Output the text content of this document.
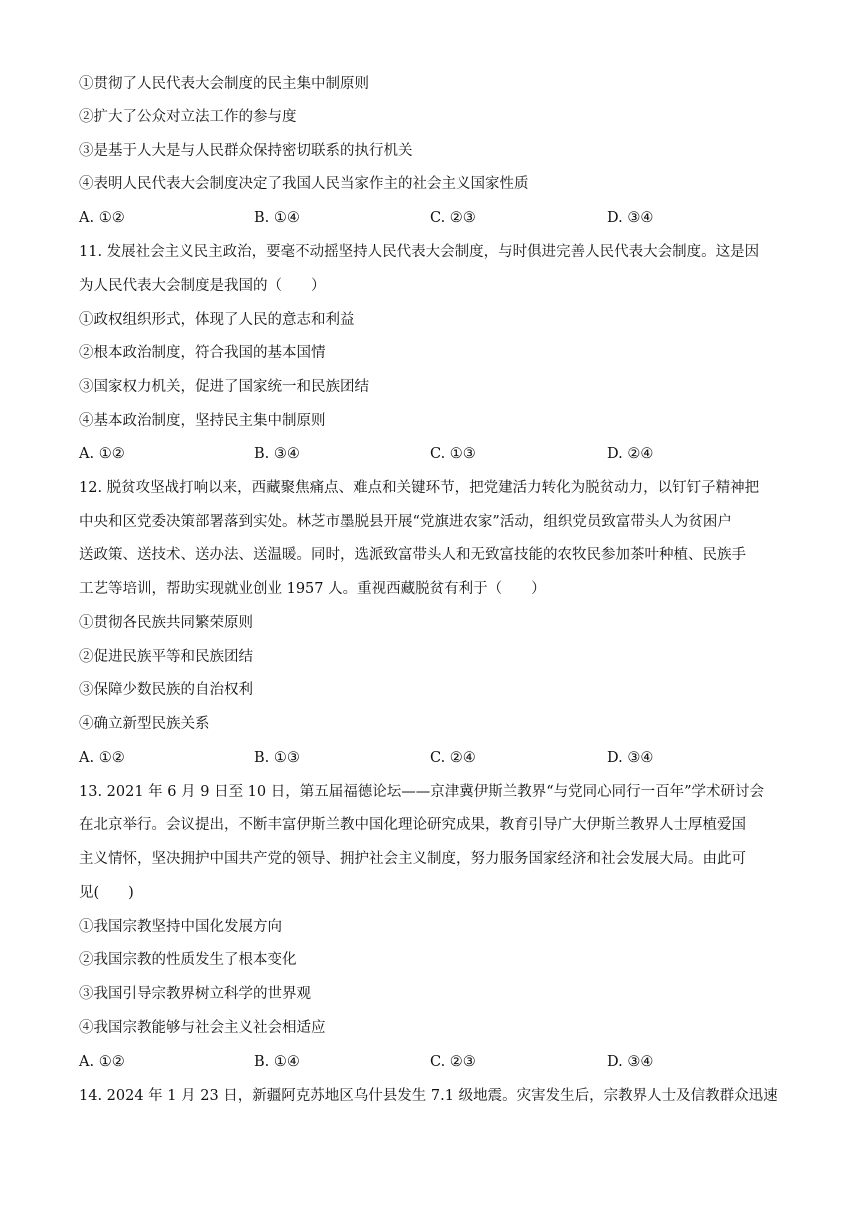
①贯彻了人民代表大会制度的民主集中制原则
②扩大了公众对立法工作的参与度
③是基于人大是与人民群众保持密切联系的执行机关
④表明人民代表大会制度决定了我国人民当家作主的社会主义国家性质
A. ①②	B. ①④	C. ②③	D. ③④
11. 发展社会主义民主政治，要毫不动摇坚持人民代表大会制度，与时俱进完善人民代表大会制度。这是因
为人民代表大会制度是我国的（　　）
①政权组织形式，体现了人民的意志和利益
②根本政治制度，符合我国的基本国情
③国家权力机关，促进了国家统一和民族团结
④基本政治制度，坚持民主集中制原则
A. ①②	B. ③④	C. ①③	D. ②④
12. 脱贫攻坚战打响以来，西藏聚焦痛点、难点和关键环节，把党建活力转化为脱贫动力，以钉钉子精神把
中央和区党委决策部署落到实处。林芝市墨脱县开展“党旗进农家”活动，组织党员致富带头人为贫困户
送政策、送技术、送办法、送温暖。同时，选派致富带头人和无致富技能的农牧民参加茶叶种植、民族手
工艺等培训，帮助实现就业创业 1957 人。重视西藏脱贫有利于（　　）
①贯彻各民族共同繁荣原则
②促进民族平等和民族团结
③保障少数民族的自治权利
④确立新型民族关系
A. ①②	B. ①③	C. ②④	D. ③④
13. 2021 年 6 月 9 日至 10 日，第五届福德论坛——京津冀伊斯兰教界“与党同心同行一百年”学术研讨会
在北京举行。会议提出，不断丰富伊斯兰教中国化理论研究成果，教育引导广大伊斯兰教界人士厚植爱国
主义情怀，坚决拥护中国共产党的领导、拥护社会主义制度，努力服务国家经济和社会发展大局。由此可
见(　　)
①我国宗教坚持中国化发展方向
②我国宗教的性质发生了根本变化
③我国引导宗教界树立科学的世界观
④我国宗教能够与社会主义社会相适应
A. ①②	B. ①④	C. ②③	D. ③④
14. 2024 年 1 月 23 日，新疆阿克苏地区乌什县发生 7.1 级地震。灾害发生后，宗教界人士及信教群众迅速
